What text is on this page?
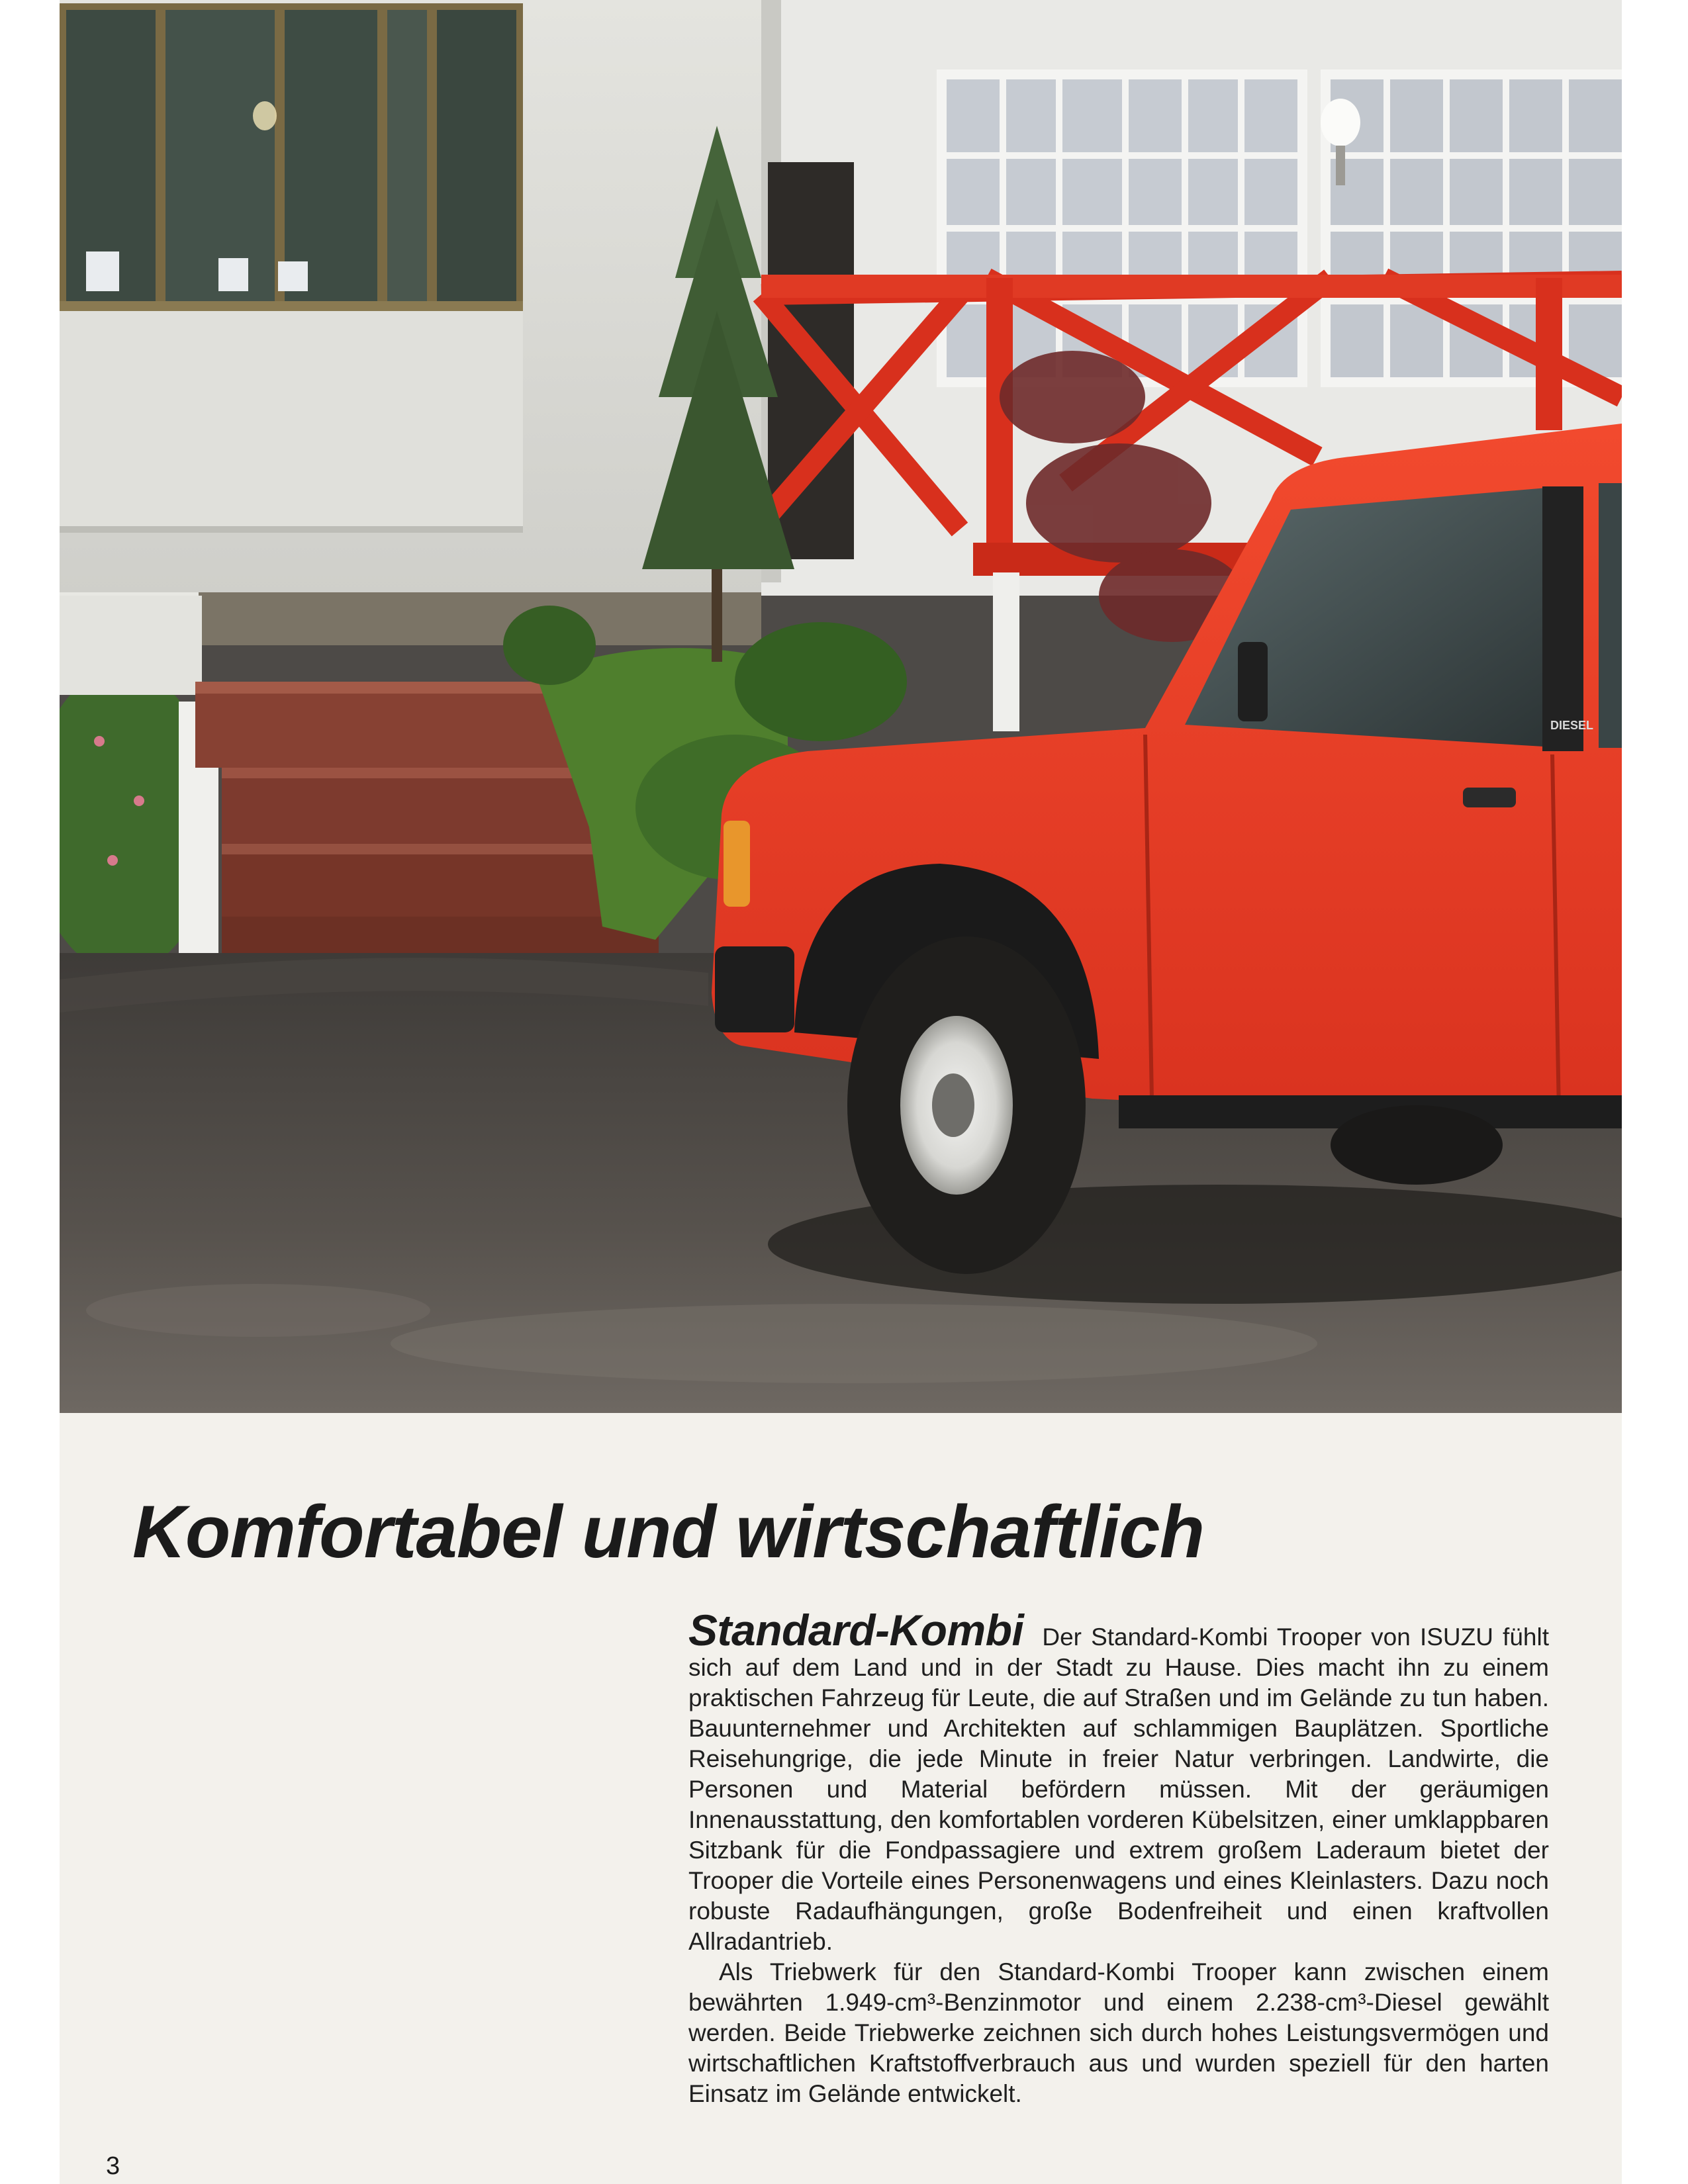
DIESEL
Komfortabel und wirtschaftlich

Standard-Kombi Der Standard-Kombi Trooper von ISUZU fühlt sich auf dem Land und in der Stadt zu Hause. Dies macht ihn zu einem praktischen Fahrzeug für Leute, die auf Straßen und im Gelände zu tun haben. Bauunternehmer und Architekten auf schlammigen Bauplätzen. Sportliche Reisehungrige, die jede Minute in freier Natur verbringen. Landwirte, die Personen und Material befördern müssen. Mit der geräumigen Innenausstattung, den komfortablen vorderen Kübelsitzen, einer umklappbaren Sitzbank für die Fondpassagiere und extrem großem Laderaum bietet der Trooper die Vorteile eines Personenwagens und eines Kleinlasters. Dazu noch robuste Radaufhängungen, große Bodenfreiheit und einen kraftvollen Allradantrieb.

Als Triebwerk für den Standard-Kombi Trooper kann zwischen einem bewährten 1.949-cm³-Benzinmotor und einem 2.238-cm³-Diesel gewählt werden. Beide Triebwerke zeichnen sich durch hohes Leistungsvermögen und wirtschaftlichen Kraftstoffverbrauch aus und wurden speziell für den harten Einsatz im Gelände entwickelt.

3
